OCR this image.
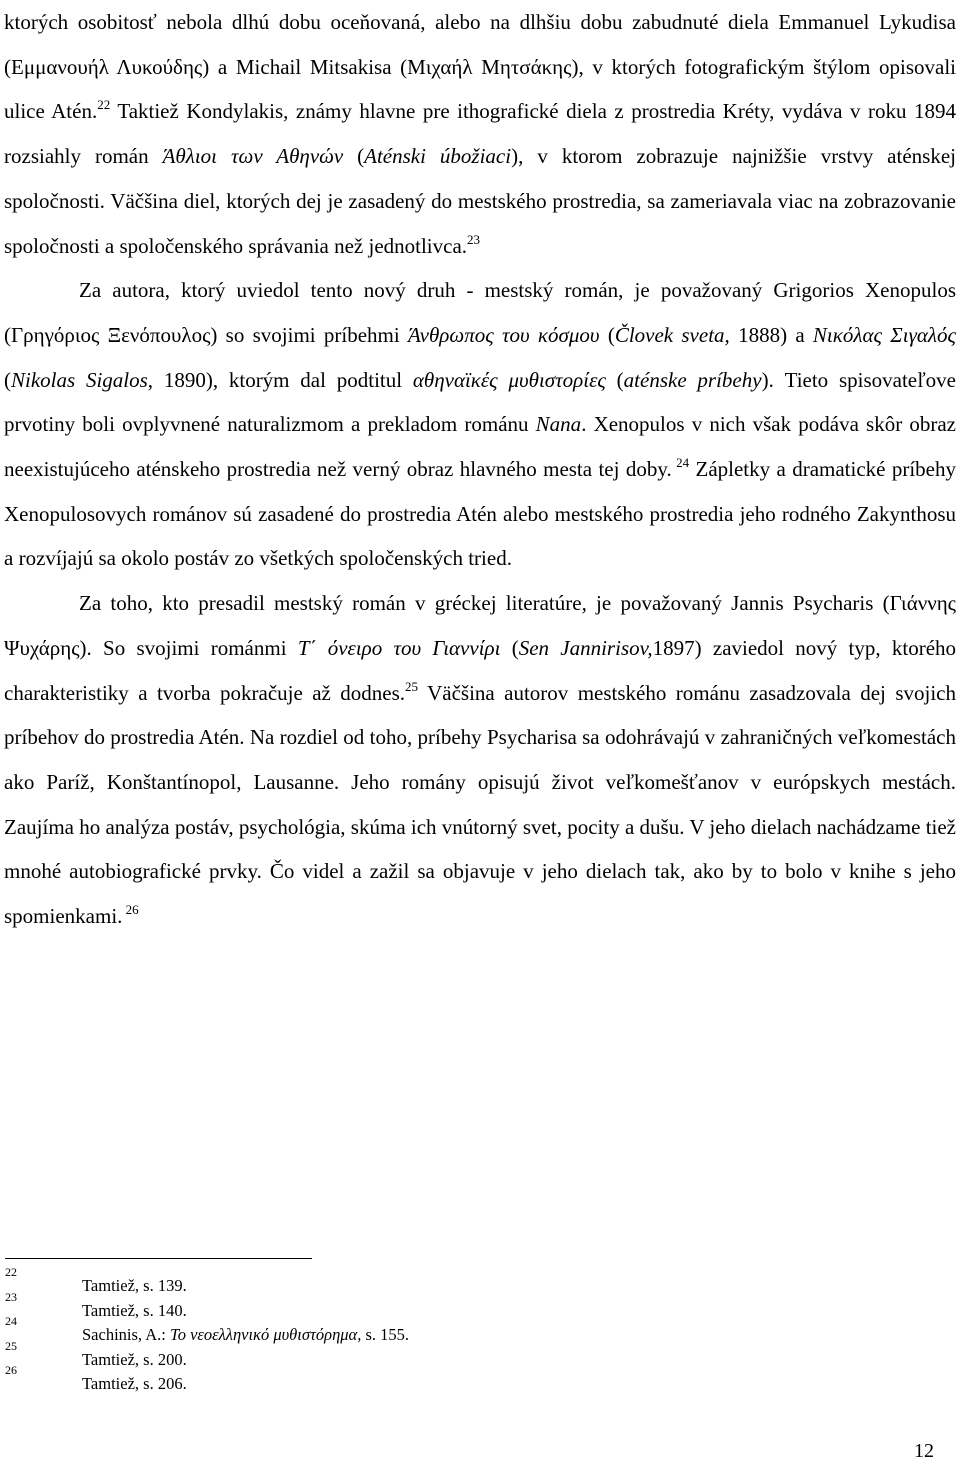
ktorých osobitosť nebola dlhú dobu oceňovaná, alebo na dlhšiu dobu zabudnuté diela Emmanuel Lykudisa (Εμμανουήλ Λυκούδης) a Michail Mitsakisa (Μιχαήλ Μητσάκης), v ktorých fotografickým štýlom opisovali ulice Atén.$^{22}$ Taktiež Kondylakis, známy hlavne pre ithografické diela z prostredia Kréty, vydáva v roku 1894 rozsiahly román Άθλιοι των Αθηνών (Aténski úbožiaci), v ktorom zobrazuje najnižšie vrstvy aténskej spoločnosti. Väčšina diel, ktorých dej je zasadený do mestského prostredia, sa zameriavala viac na zobrazovanie spoločnosti a spoločenského správania než jednotlivca.$^{23}$

Za autora, ktorý uviedol tento nový druh - mestský román, je považovaný Grigorios Xenopulos (Γρηγόριος Ξενόπουλος) so svojimi príbehmi Άνθρωπος του κόσμου (Človek sveta, 1888) a Νικόλας Σιγαλός (Nikolas Sigalos, 1890), ktorým dal podtitul αθηναϊκές μυθιστορίες (aténske príbehy). Tieto spisovateľove prvotiny boli ovplyvnené naturalizmom a prekladom románu Nana. Xenopulos v nich však podáva skôr obraz neexistujúceho aténskeho prostredia než verný obraz hlavného mesta tej doby. $^{24}$ Zápletky a dramatické príbehy Xenopulosovych románov sú zasadené do prostredia Atén alebo mestského prostredia jeho rodného Zakynthosu a rozvíjajú sa okolo postáv zo všetkých spoločenských tried.

Za toho, kto presadil mestský román v gréckej literatúre, je považovaný Jannis Psycharis (Γιάννης Ψυχάρης). So svojimi románmi Τ΄ όνειρο του Γιαννίρι (Sen Jannirisov,1897) zaviedol nový typ, ktorého charakteristiky a tvorba pokračuje až dodnes.$^{25}$ Väčšina autorov mestského románu zasadzovala dej svojich príbehov do prostredia Atén. Na rozdiel od toho, príbehy Psycharisa sa odohrávajú v zahraničných veľkomestách ako Paríž, Konštantínopol, Lausanne. Jeho romány opisujú život veľkomešťanov v európskych mestách. Zaujíma ho analýza postáv, psychológia, skúma ich vnútorný svet, pocity a dušu. V jeho dielach nachádzame tiež mnohé autobiografické prvky. Čo videl a zažil sa objavuje v jeho dielach tak, ako by to bolo v knihe s jeho spomienkami. $^{26}$

22
Tamtiež, s. 139.
23
Tamtiež, s. 140.
24
Sachinis, A.: Το νεοελληνικό μυθιστόρημα, s. 155.
25
Tamtiež, s. 200.
26
Tamtiež, s. 206.
12
